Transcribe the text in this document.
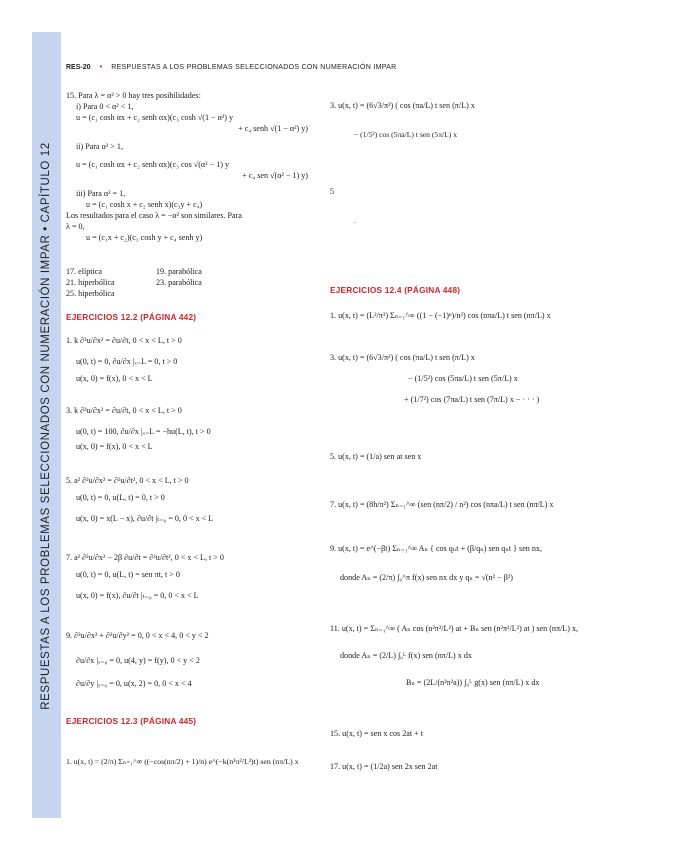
RESPUESTAS A LOS PROBLEMAS SELECCIONADOS CON NUMERACIÓN IMPAR • CAPÍTULO 12
RES-20 • RESPUESTAS A LOS PROBLEMAS SELECCIONADOS CON NUMERACIÓN IMPAR
15. Para λ = α² > 0 hay tres posibilidades:
i) Para 0 < α² < 1,
u = (c₁ cosh αx + c₂ senh αx)(c₃ cosh √(1 − α²) y
+ c₄ senh √(1 − α²) y)
ii) Para α² > 1,
u = (c₁ cosh αx + c₂ senh αx)(c₃ cos √(α² − 1) y
+ c₄ sen √(α² − 1) y)
iii) Para α² = 1,
u = (c₁ cosh x + c₂ senh x)(c₃y + c₄)
Los resultados para el caso λ = −α² son similares. Para
λ = 0,
u = (c₁x + c₂)(c₃ cosh y + c₄ senh y)
17. elíptica	19. parabólica
21. hiperbólica	23. parabólica
25. hiperbólica
EJERCICIOS 12.2 (PÁGINA 442)
1. k ∂²u/∂x² = ∂u/∂t, 0 < x < L, t > 0
u(0, t) = 0, ∂u/∂x |ₓ₌L = 0, t > 0
u(x, 0) = f(x), 0 < x < L
3. k ∂²u/∂x² = ∂u/∂t, 0 < x < L, t > 0
u(0, t) = 100, ∂u/∂x |ₓ₌L = −hu(L, t), t > 0
u(x, 0) = f(x), 0 < x < L
5. a² ∂²u/∂x² = ∂²u/∂t², 0 < x < L, t > 0
u(0, t) = 0, u(L, t) = 0, t > 0
u(x, 0) = x(L − x), ∂u/∂t |ₜ₌₀ = 0, 0 < x < L
7. a² ∂²u/∂x² − 2β ∂u/∂t = ∂²u/∂t², 0 < x < L, t > 0
u(0, t) = 0, u(L, t) = sen πt, t > 0
u(x, 0) = f(x), ∂u/∂t |ₜ₌₀ = 0, 0 < x < L
9. ∂²u/∂x² + ∂²u/∂y² = 0, 0 < x < 4, 0 < y < 2
∂u/∂x |ₓ₌₀ = 0, u(4, y) = f(y), 0 < y < 2
∂u/∂y |ᵧ₌₀ = 0, u(x, 2) = 0, 0 < x < 4
EJERCICIOS 12.3 (PÁGINA 445)
1. u(x, t) = (2/π) Σₙ₌₁^∞ ((−cos(nπ/2) + 1)/n) e^(−k(n²π²/L²)t) sen (nπ/L) x
3. u(x, t) = (6√3/π²) ( cos (πa/L) t sen (π/L) x
− (1/5²) cos (5πa/L) t sen (5π/L) x
5
.
EJERCICIOS 12.4 (PÁGINA 448)
1. u(x, t) = (L²/π³) Σₙ₌₁^∞ ((1 − (−1)ⁿ)/n³) cos (nπa/L) t sen (nπ/L) x
3. u(x, t) = (6√3/π²) ( cos (πa/L) t sen (π/L) x
− (1/5²) cos (5πa/L) t sen (5π/L) x
+ (1/7²) cos (7πa/L) t sen (7π/L) x − · · · )
5. u(x, t) = (1/a) sen at sen x
7. u(x, t) = (8h/π²) Σₙ₌₁^∞ (sen (nπ/2) / n²) cos (nπa/L) t sen (nπ/L) x
9. u(x, t) = e^(−βt) Σₙ₌₁^∞ Aₙ { cos qₙt + (β/qₙ) sen qₙt } sen nx,
donde Aₙ = (2/π) ∫₀^π f(x) sen nx dx y qₙ = √(n² − β²)
11. u(x, t) = Σₙ₌₁^∞ ( Aₙ cos (n²π²/L²) at + Bₙ sen (n²π²/L²) at ) sen (nπ/L) x,
donde Aₙ = (2/L) ∫₀ᴸ f(x) sen (nπ/L) x dx
Bₙ = (2L/(n²π²a)) ∫₀ᴸ g(x) sen (nπ/L) x dx
15. u(x, t) = sen x cos 2at + t
17. u(x, t) = (1/2a) sen 2x sen 2at
